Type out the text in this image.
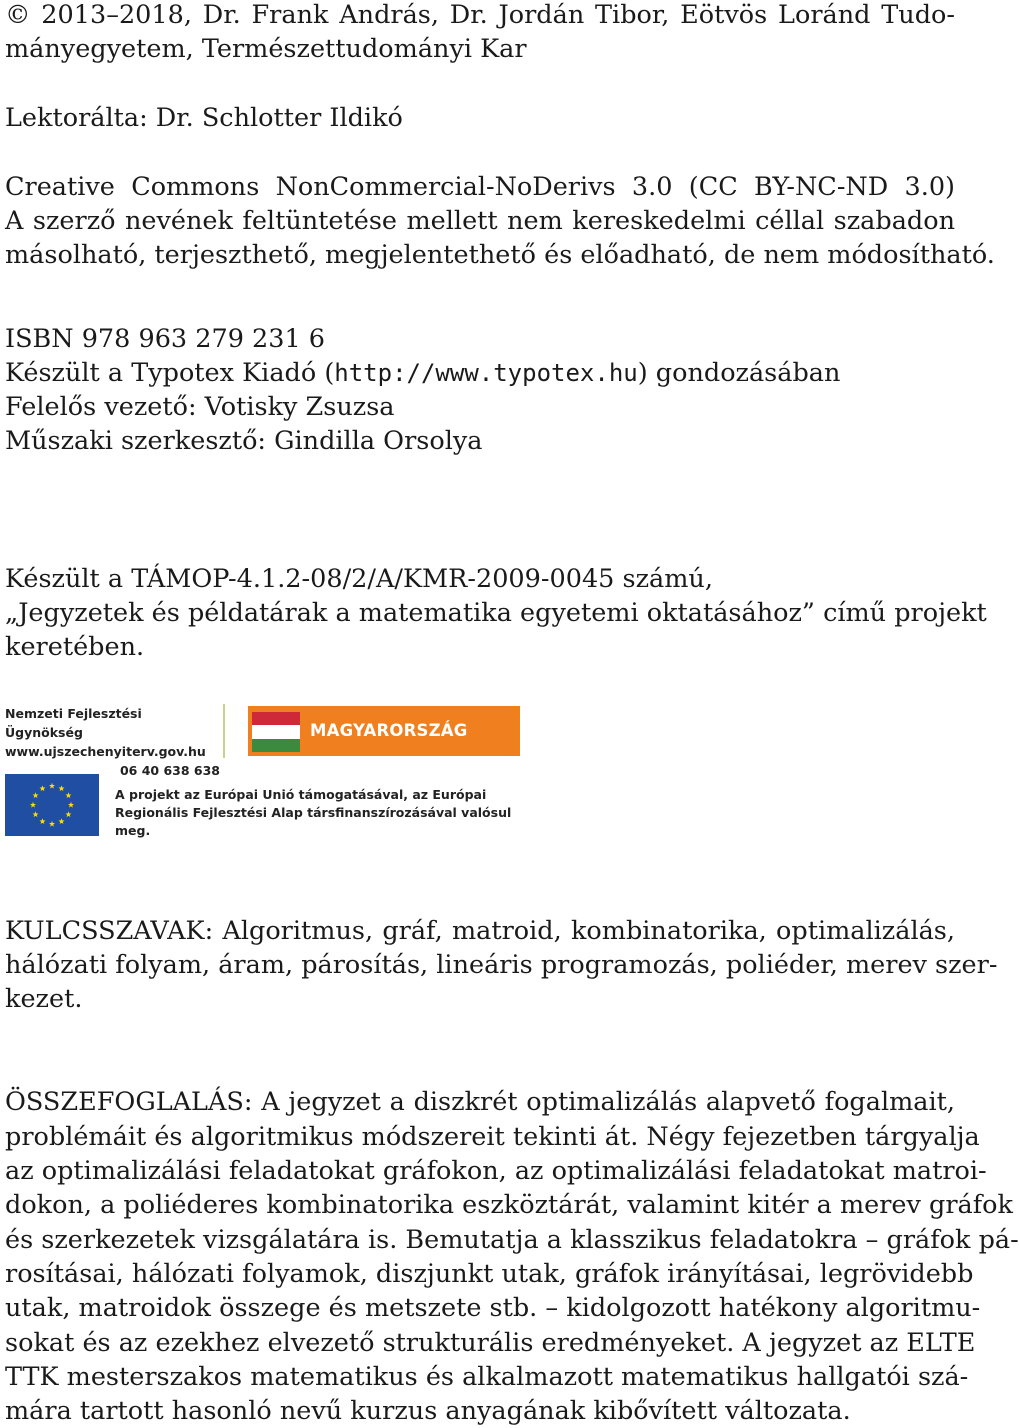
© 2013–2018, Dr. Frank András, Dr. Jordán Tibor, Eötvös Loránd Tudo-
mányegyetem, Természettudományi Kar
Lektorálta: Dr. Schlotter Ildikó
Creative Commons NonCommercial-NoDerivs 3.0 (CC BY-NC-ND 3.0)
A szerző nevének feltüntetése mellett nem kereskedelmi céllal szabadon
másolható, terjeszthető, megjelentethető és előadható, de nem módosítható.
ISBN 978 963 279 231 6
Készült a Typotex Kiadó (http://www.typotex.hu) gondozásában
Felelős vezető: Votisky Zsuzsa
Műszaki szerkesztő: Gindilla Orsolya
Készült a TÁMOP-4.1.2-08/2/A/KMR-2009-0045 számú,
„Jegyzetek és példatárak a matematika egyetemi oktatásához” című projekt
keretében.
KULCSSZAVAK: Algoritmus, gráf, matroid, kombinatorika, optimalizálás,
hálózati folyam, áram, párosítás, lineáris programozás, poliéder, merev szer-
kezet.
ÖSSZEFOGLALÁS: A jegyzet a diszkrét optimalizálás alapvető fogalmait,
problémáit és algoritmikus módszereit tekinti át. Négy fejezetben tárgyalja
az optimalizálási feladatokat gráfokon, az optimalizálási feladatokat matroi-
dokon, a poliéderes kombinatorika eszköztárát, valamint kitér a merev gráfok
és szerkezetek vizsgálatára is. Bemutatja a klasszikus feladatokra – gráfok pá-
rosításai, hálózati folyamok, diszjunkt utak, gráfok irányításai, legrövidebb
utak, matroidok összege és metszete stb. – kidolgozott hatékony algoritmu-
sokat és az ezekhez elvezető strukturális eredményeket. A jegyzet az ELTE
TTK mesterszakos matematikus és alkalmazott matematikus hallgatói szá-
mára tartott hasonló nevű kurzus anyagának kibővített változata.
Nemzeti Fejlesztési Ügynökség
www.ujszechenyiterv.gov.hu
06 40 638 638
MAGYARORSZÁG MEGÚJUL
A projekt az Európai Unió támogatásával, az Európai
Regionális Fejlesztési Alap társfinanszírozásával valósul meg.
